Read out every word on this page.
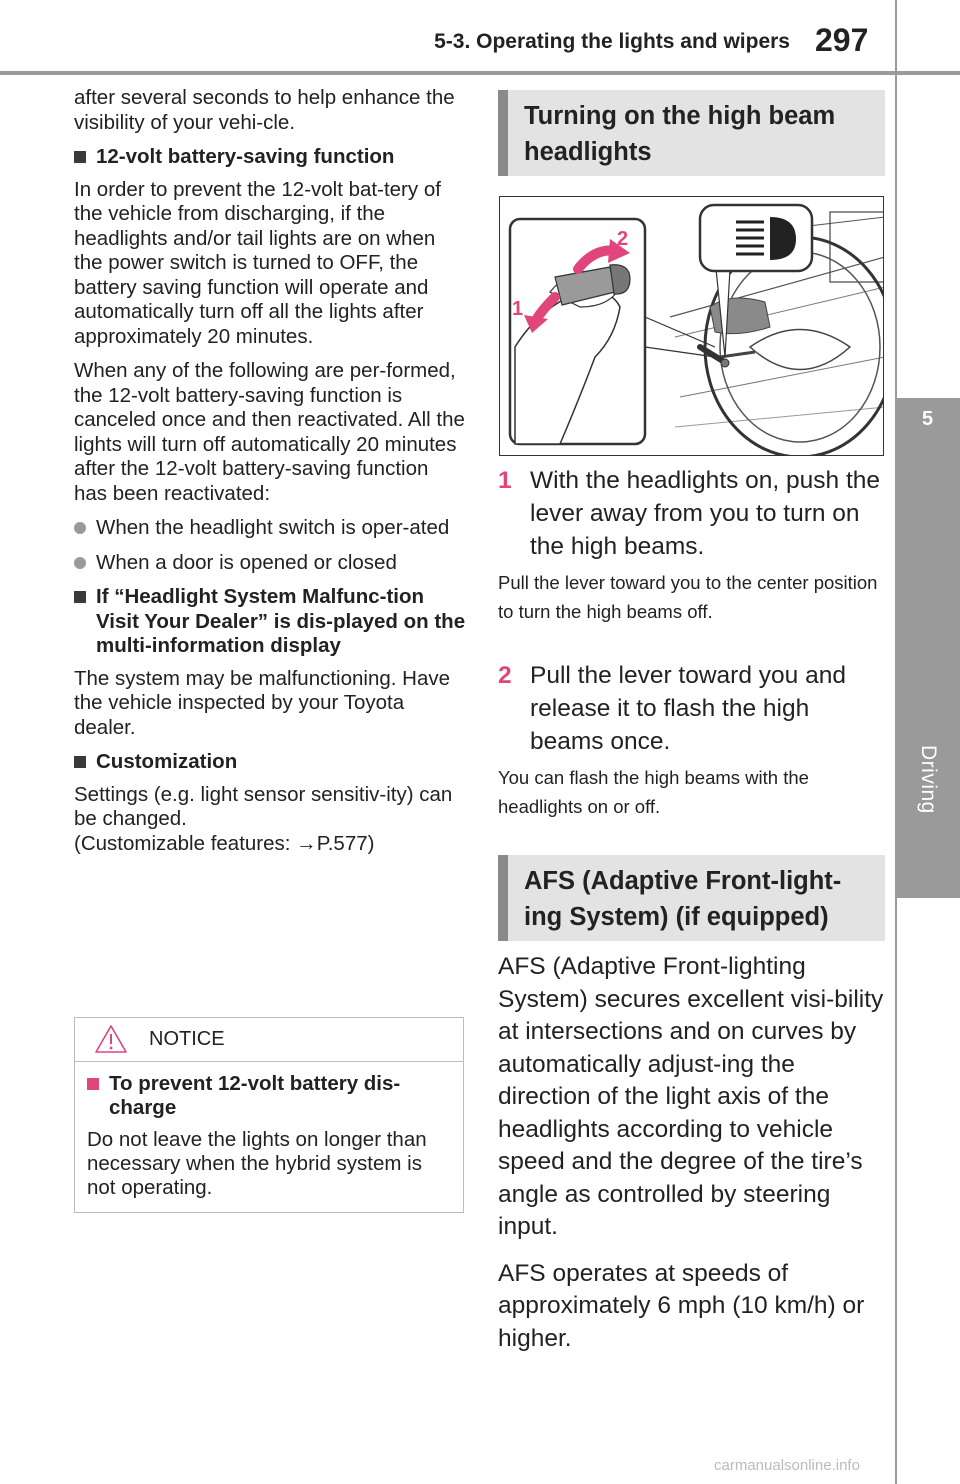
5-3. Operating the lights and wipers 297
5
Driving

after several seconds to help enhance the visibility of your vehi-cle.

12-volt battery-saving function

In order to prevent the 12-volt bat-tery of the vehicle from discharging, if the headlights and/or tail lights are on when the power switch is turned to OFF, the battery saving function will operate and automatically turn off all the lights after approximately 20 minutes.

When any of the following are per-formed, the 12-volt battery-saving function is canceled once and then reactivated. All the lights will turn off automatically 20 minutes after the 12-volt battery-saving function has been reactivated:

When the headlight switch is oper-ated
When a door is opened or closed
If “Headlight System Malfunc-tion Visit Your Dealer” is dis-played on the multi-information display

The system may be malfunctioning. Have the vehicle inspected by your Toyota dealer.

Customization

Settings (e.g. light sensor sensitiv-ity) can be changed.
(Customizable features: →P.577)

NOTICE
To prevent 12-volt battery dis-charge
Do not leave the lights on longer than necessary when the hybrid system is not operating.
Turning on the high beam headlights
2
1
1 With the headlights on, push the lever away from you to turn on the high beams.
Pull the lever toward you to the center position to turn the high beams off.
2 Pull the lever toward you and release it to flash the high beams once.
You can flash the high beams with the headlights on or off.
AFS (Adaptive Front-light-ing System) (if equipped)

AFS (Adaptive Front-lighting System) secures excellent visi-bility at intersections and on curves by automatically adjust-ing the direction of the light axis of the headlights according to vehicle speed and the degree of the tire’s angle as controlled by steering input.

AFS operates at speeds of approximately 6 mph (10 km/h) or higher.

carmanualsonline.info
